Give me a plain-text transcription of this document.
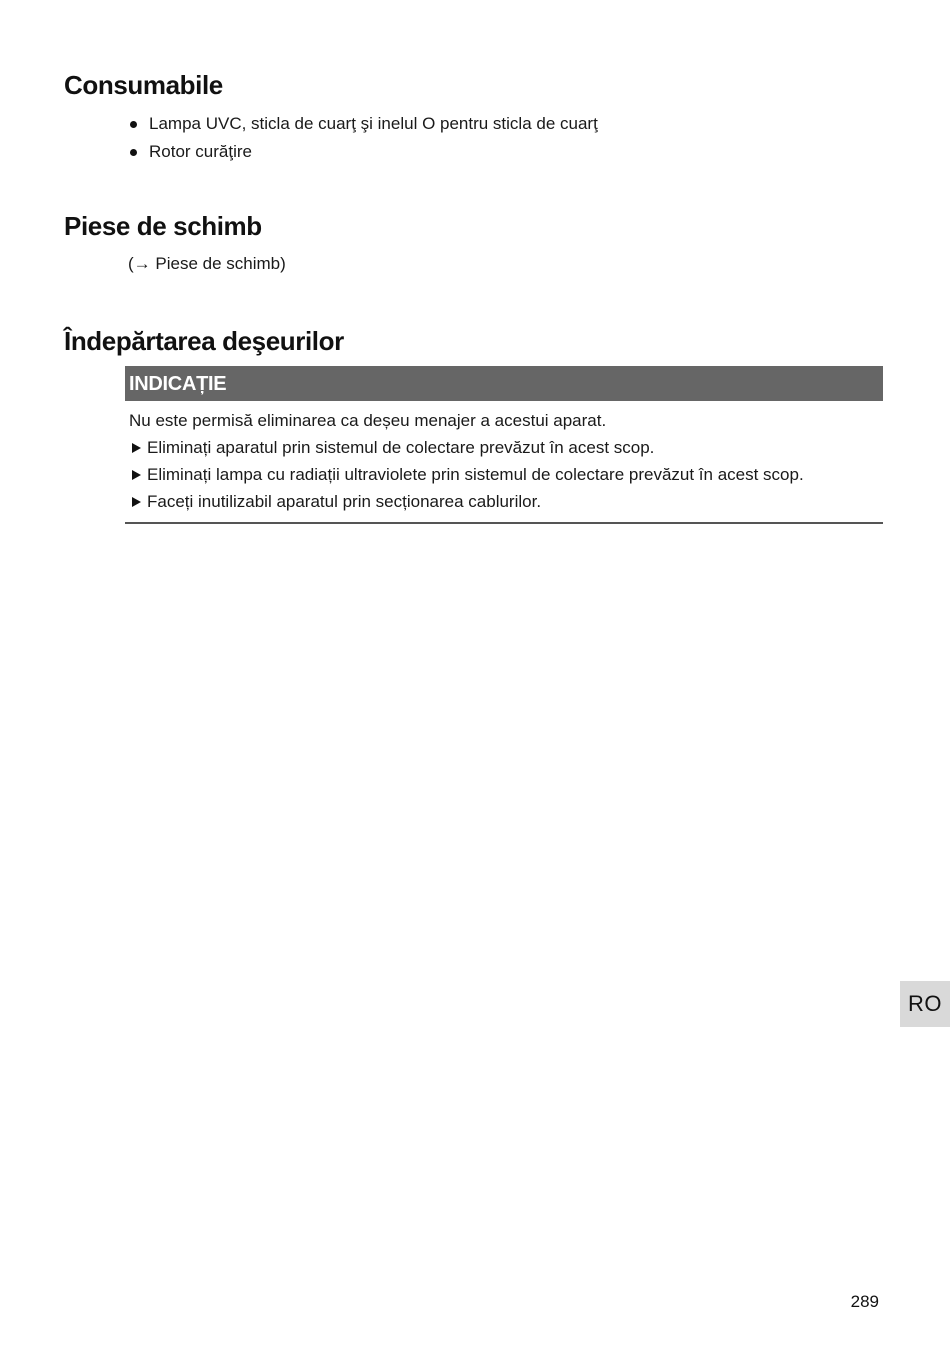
Consumabile
Lampa UVC, sticla de cuarţ şi inelul O pentru sticla de cuarţ
Rotor curăţire
Piese de schimb
(→ Piese de schimb)
Îndepărtarea deşeurilor
INDICAȚIE
Nu este permisă eliminarea ca deșeu menajer a acestui aparat.
Eliminați aparatul prin sistemul de colectare prevăzut în acest scop.
Eliminați lampa cu radiații ultraviolete prin sistemul de colectare prevăzut în acest scop.
Faceți inutilizabil aparatul prin secționarea cablurilor.
RO
289
